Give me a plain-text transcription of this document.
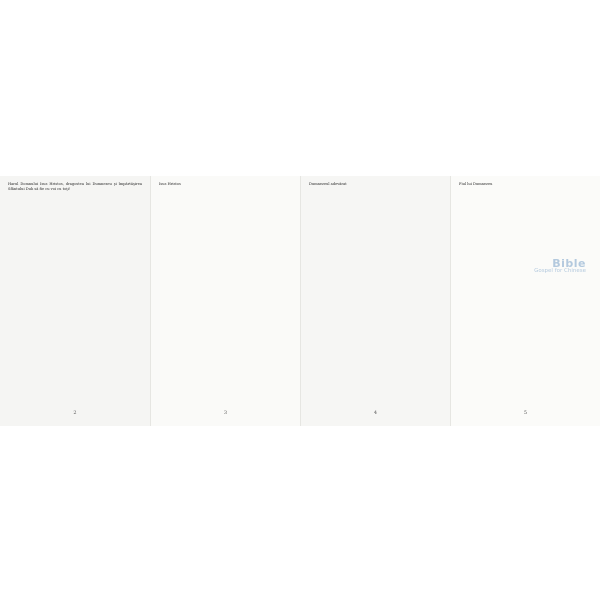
Harul Domnului Isus Hristos, dragostea lui Dumnezeu şi împărtăşirea Sfântului Duh să fie cu voi cu toţi!

2

Isus Hristos

3

Dumnezeul adevărat

4

Fiul lui Dumnezeu

5
Bible
Gospel for Chinese
